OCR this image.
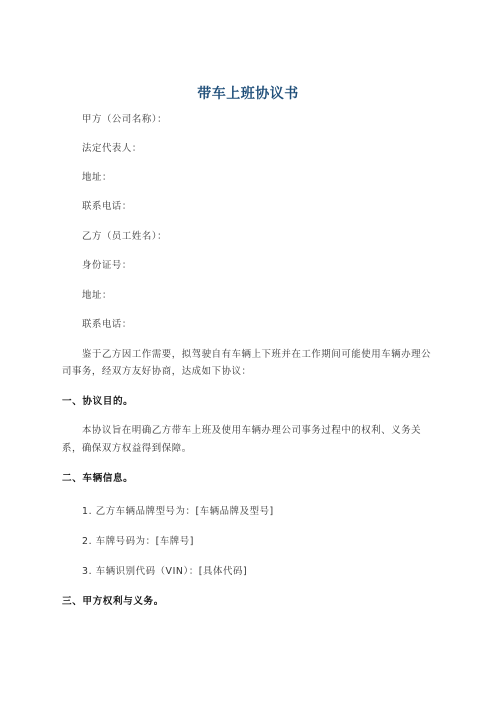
带车上班协议书
甲方（公司名称）：
法定代表人：
地址：
联系电话：
乙方（员工姓名）：
身份证号：
地址：
联系电话：
鉴于乙方因工作需要，拟驾驶自有车辆上下班并在工作期间可能使用车辆办理公
司事务，经双方友好协商，达成如下协议：
一、协议目的。
本协议旨在明确乙方带车上班及使用车辆办理公司事务过程中的权利、义务关
系，确保双方权益得到保障。
二、车辆信息。
1. 乙方车辆品牌型号为：[车辆品牌及型号]
2. 车牌号码为：[车牌号]
3. 车辆识别代码（VIN）：[具体代码]
三、甲方权利与义务。
